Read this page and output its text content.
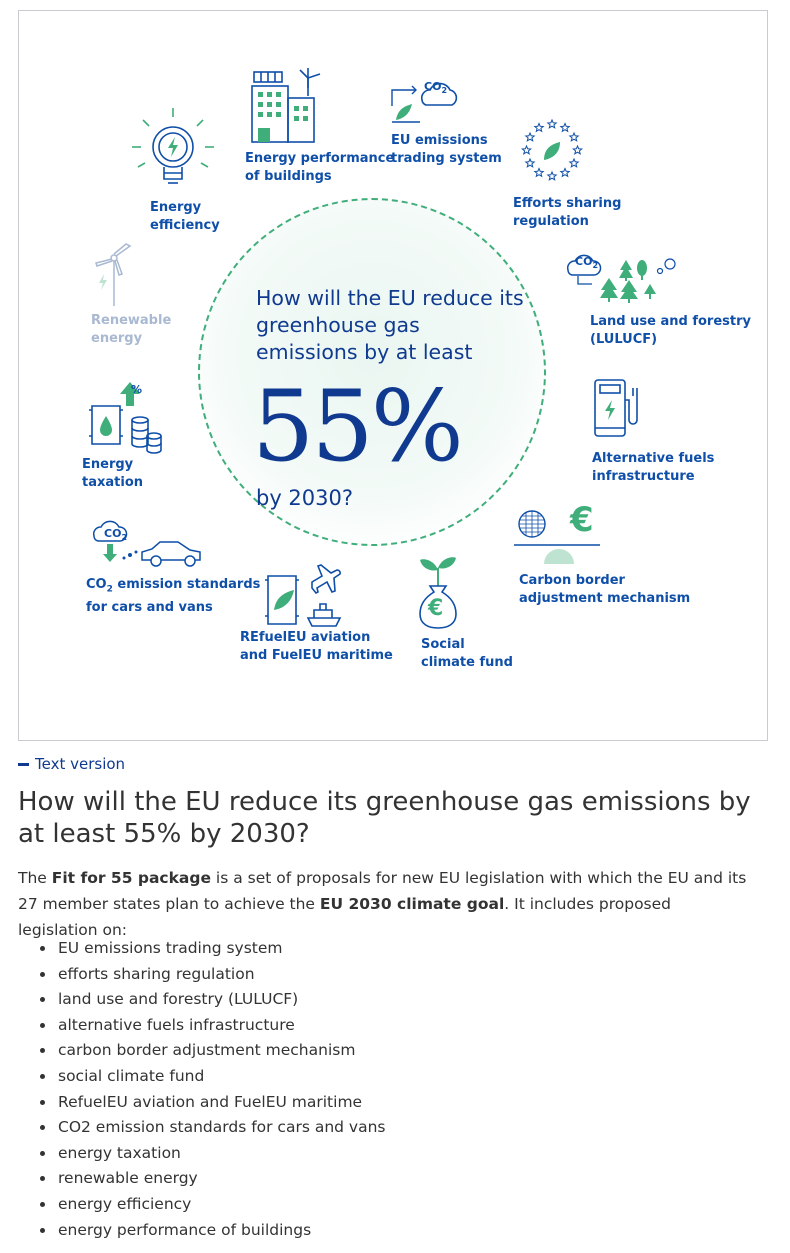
How will the EU reduce its greenhouse gas emissions by at least
55%
by 2030?
Energy
efficiency
Energy performance
of buildings
$CO_2$
EU emissions
trading system
Efforts sharing
regulation
Renewable
energy
$CO_2$
Land use and forestry
(LULUCF)
%
Energy
taxation
Alternative fuels
infrastructure
$CO_2$
$CO_2$ emission standards
for cars and vans
€
Carbon border
adjustment mechanism
REfuelEU aviation
and FuelEU maritime
€
Social
climate fund
Text version
How will the EU reduce its greenhouse gas emissions by at least 55% by 2030?

The Fit for 55 package is a set of proposals for new EU legislation with which the EU and its 27 member states plan to achieve the EU 2030 climate goal. It includes proposed legislation on:

EU emissions trading system
efforts sharing regulation
land use and forestry (LULUCF)
alternative fuels infrastructure
carbon border adjustment mechanism
social climate fund
RefuelEU aviation and FuelEU maritime
CO2 emission standards for cars and vans
energy taxation
renewable energy
energy efficiency
energy performance of buildings
